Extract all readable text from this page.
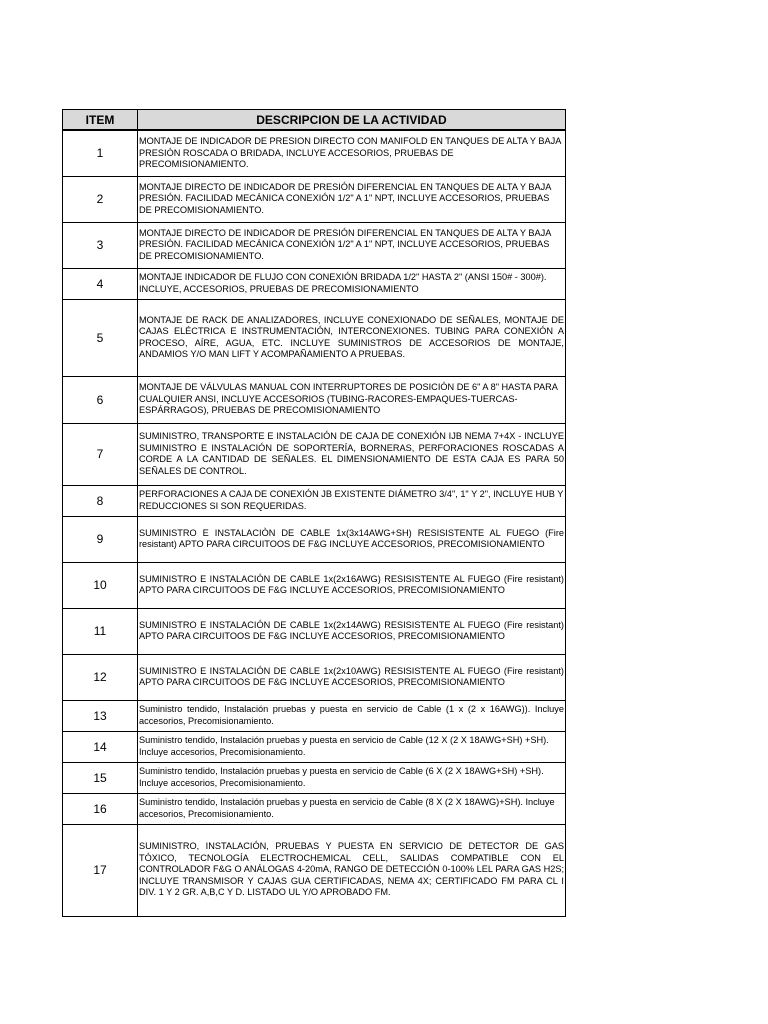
ITEM	DESCRIPCION DE LA ACTIVIDAD
1	MONTAJE DE INDICADOR DE PRESION DIRECTO CON MANIFOLD EN TANQUES DE ALTA Y BAJA PRESIÓN ROSCADA O BRIDADA, INCLUYE ACCESORIOS, PRUEBAS DE PRECOMISIONAMIENTO.

2	MONTAJE DIRECTO DE INDICADOR DE PRESIÓN DIFERENCIAL EN TANQUES DE ALTA Y BAJA PRESIÓN. FACILIDAD MECÁNICA CONEXIÓN 1/2" A 1" NPT, INCLUYE ACCESORIOS, PRUEBAS DE PRECOMISIONAMIENTO.

3	MONTAJE DIRECTO DE INDICADOR DE PRESIÓN DIFERENCIAL EN TANQUES DE ALTA Y BAJA PRESIÓN. FACILIDAD MECÁNICA CONEXIÓN 1/2" A 1" NPT, INCLUYE ACCESORIOS, PRUEBAS DE PRECOMISIONAMIENTO.

4	MONTAJE INDICADOR DE FLUJO CON CONEXIÓN BRIDADA 1/2" HASTA 2" (ANSI 150# - 300#). INCLUYE, ACCESORIOS, PRUEBAS DE PRECOMISIONAMIENTO

5	MONTAJE DE RACK DE ANALIZADORES, INCLUYE CONEXIONADO DE SEÑALES, MONTAJE DE CAJAS ELÉCTRICA E INSTRUMENTACIÓN, INTERCONEXIONES. TUBING PARA CONEXIÓN A PROCESO, AÍRE, AGUA, ETC. INCLUYE SUMINISTROS DE ACCESORIOS DE MONTAJE, ANDAMIOS Y/O MAN LIFT Y ACOMPAÑAMIENTO A PRUEBAS.

6	MONTAJE DE VÁLVULAS MANUAL CON INTERRUPTORES DE POSICIÓN DE 6" A 8" HASTA PARA CUALQUIER ANSI, INCLUYE ACCESORIOS (TUBING-RACORES-EMPAQUES-TUERCAS-ESPÁRRAGOS), PRUEBAS DE PRECOMISIONAMIENTO

7	SUMINISTRO, TRANSPORTE E INSTALACIÓN DE CAJA DE CONEXIÓN IJB NEMA 7+4X - INCLUYE SUMINISTRO E INSTALACIÓN DE SOPORTERÍA, BORNERAS, PERFORACIONES ROSCADAS A CORDE A LA CANTIDAD DE SEÑALES. EL DIMENSIONAMIENTO DE ESTA CAJA ES PARA 50 SEÑALES DE CONTROL.

8	PERFORACIONES A CAJA DE CONEXIÓN JB EXISTENTE DIÁMETRO 3/4", 1" Y 2", INCLUYE HUB Y REDUCCIONES SI SON REQUERIDAS.

9	SUMINISTRO E INSTALACIÒN DE CABLE 1x(3x14AWG+SH) RESISISTENTE AL FUEGO (Fire resistant) APTO PARA CIRCUITOOS DE F&G INCLUYE ACCESORIOS, PRECOMISIONAMIENTO

10	SUMINISTRO E INSTALACIÓN DE CABLE 1x(2x16AWG) RESISISTENTE AL FUEGO (Fire resistant) APTO PARA CIRCUITOOS DE F&G INCLUYE ACCESORIOS, PRECOMISIONAMIENTO

11	SUMINISTRO E INSTALACIÓN DE CABLE 1x(2x14AWG) RESISISTENTE AL FUEGO (Fire resistant) APTO PARA CIRCUITOOS DE F&G INCLUYE ACCESORIOS, PRECOMISIONAMIENTO

12	SUMINISTRO E INSTALACIÓN DE CABLE 1x(2x10AWG) RESISISTENTE AL FUEGO (Fire resistant) APTO PARA CIRCUITOOS DE F&G INCLUYE ACCESORIOS, PRECOMISIONAMIENTO

13	Suministro tendido, Instalación pruebas y puesta en servicio de Cable (1 x (2 x 16AWG)). Incluye accesorios, Precomisionamiento.

14	Suministro tendido, Instalación pruebas y puesta en servicio de Cable (12 X (2 X 18AWG+SH) +SH). Incluye accesorios, Precomisionamiento.

15	Suministro tendido, Instalación pruebas y puesta en servicio de Cable (6 X (2 X 18AWG+SH) +SH). Incluye accesorios, Precomisionamiento.

16	Suministro tendido, Instalación pruebas y puesta en servicio de Cable (8 X (2 X 18AWG)+SH). Incluye accesorios, Precomisionamiento.

17	SUMINISTRO, INSTALACIÓN, PRUEBAS Y PUESTA EN SERVICIO DE DETECTOR DE GAS TÓXICO, TECNOLOGÍA ELECTROCHEMICAL CELL, SALIDAS COMPATIBLE CON EL CONTROLADOR F&G O ANÁLOGAS 4-20mA, RANGO DE DETECCIÓN 0-100% LEL PARA GAS H2S; INCLUYE TRANSMISOR Y CAJAS GUA CERTIFICADAS, NEMA 4X; CERTIFICADO FM PARA CL I DIV. 1 Y 2 GR. A,B,C Y D. LISTADO UL Y/O APROBADO FM.
